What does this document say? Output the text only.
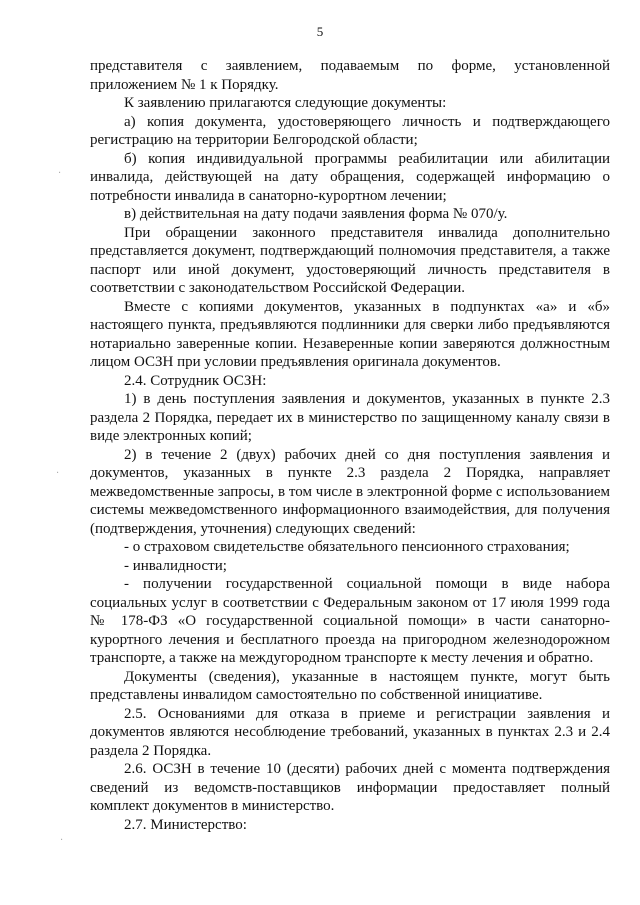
5

представителя с заявлением, подаваемым по форме, установленной приложением № 1 к Порядку.

К заявлению прилагаются следующие документы:

а) копия документа, удостоверяющего личность и подтверждающего регистрацию на территории Белгородской области;

б) копия индивидуальной программы реабилитации или абилитации инвалида, действующей на дату обращения, содержащей информацию о потребности инвалида в санаторно-курортном лечении;

в) действительная на дату подачи заявления форма № 070/у.

При обращении законного представителя инвалида дополнительно представляется документ, подтверждающий полномочия представителя, а также паспорт или иной документ, удостоверяющий личность представителя в соответствии с законодательством Российской Федерации.

Вместе с копиями документов, указанных в подпунктах «а» и «б» настоящего пункта, предъявляются подлинники для сверки либо предъявляются нотариально заверенные копии. Незаверенные копии заверяются должностным лицом ОСЗН при условии предъявления оригинала документов.

2.4. Сотрудник ОСЗН:

1) в день поступления заявления и документов, указанных в пункте 2.3 раздела 2 Порядка, передает их в министерство по защищенному каналу связи в виде электронных копий;

2) в течение 2 (двух) рабочих дней со дня поступления заявления и документов, указанных в пункте 2.3 раздела 2 Порядка, направляет межведомственные запросы, в том числе в электронной форме с использованием системы межведомственного информационного взаимодействия, для получения (подтверждения, уточнения) следующих сведений:

- о страховом свидетельстве обязательного пенсионного страхования;

- инвалидности;

- получении государственной социальной помощи в виде набора социальных услуг в соответствии с Федеральным законом от 17 июля 1999 года № 178-ФЗ «О государственной социальной помощи» в части санаторно-курортного лечения и бесплатного проезда на пригородном железнодорожном транспорте, а также на междугородном транспорте к месту лечения и обратно.

Документы (сведения), указанные в настоящем пункте, могут быть представлены инвалидом самостоятельно по собственной инициативе.

2.5. Основаниями для отказа в приеме и регистрации заявления и документов являются несоблюдение требований, указанных в пунктах 2.3 и 2.4 раздела 2 Порядка.

2.6. ОСЗН в течение 10 (десяти) рабочих дней с момента подтверждения сведений из ведомств-поставщиков информации предоставляет полный комплект документов в министерство.

2.7. Министерство:

·
·
·
